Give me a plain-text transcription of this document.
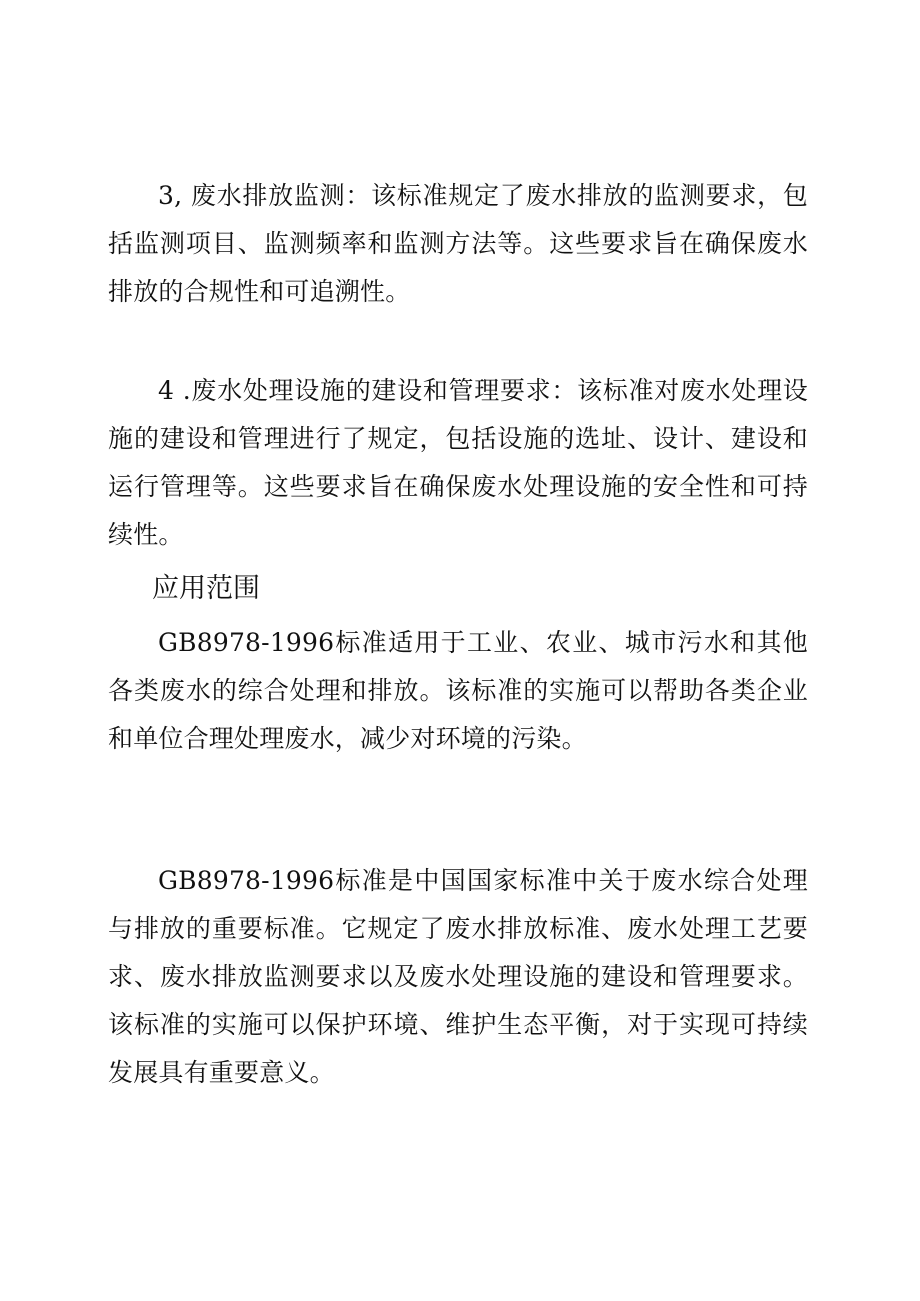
3, 废水排放监测：该标准规定了废水排放的监测要求，包括监测项目、监测频率和监测方法等。这些要求旨在确保废水排放的合规性和可追溯性。

4 .废水处理设施的建设和管理要求：该标准对废水处理设施的建设和管理进行了规定，包括设施的选址、设计、建设和运行管理等。这些要求旨在确保废水处理设施的安全性和可持续性。

应用范围

GB8978-1996标准适用于工业、农业、城市污水和其他各类废水的综合处理和排放。该标准的实施可以帮助各类企业和单位合理处理废水，减少对环境的污染。

GB8978-1996标准是中国国家标准中关于废水综合处理与排放的重要标准。它规定了废水排放标准、废水处理工艺要求、废水排放监测要求以及废水处理设施的建设和管理要求。该标准的实施可以保护环境、维护生态平衡，对于实现可持续发展具有重要意义。
